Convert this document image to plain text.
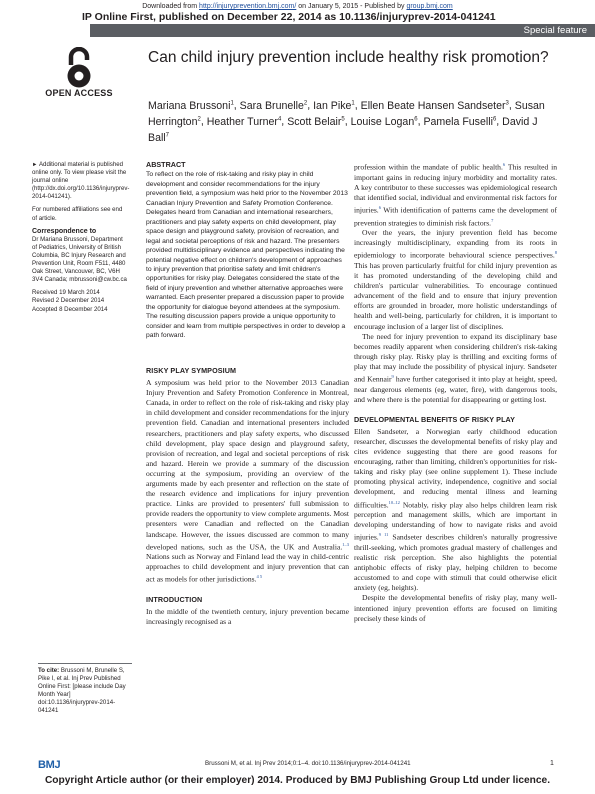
Downloaded from http://injuryprevention.bmj.com/ on January 5, 2015 - Published by group.bmj.com
IP Online First, published on December 22, 2014 as 10.1136/injuryprev-2014-041241
Special feature
OPEN ACCESS
Can child injury prevention include healthy risk promotion?
Mariana Brussoni$^1$, Sara Brunelle$^2$, Ian Pike$^1$, Ellen Beate Hansen Sandseter$^3$, Susan Herrington$^2$, Heather Turner$^4$, Scott Belair$^5$, Louise Logan$^6$, Pamela Fuselli$^6$, David J Ball$^7$

► Additional material is published online only. To view please visit the journal online (http://dx.doi.org/10.1136/injuryprev-2014-041241).

For numbered affiliations see end of article.

Correspondence to

Dr Mariana Brussoni, Department of Pediatrics, University of British Columbia, BC Injury Research and Prevention Unit, Room F511, 4480 Oak Street, Vancouver, BC, V6H 3V4 Canada; mbrussoni@cw.bc.ca

Received 19 March 2014

Revised 2 December 2014

Accepted 8 December 2014

To cite: Brussoni M, Brunelle S, Pike I, et al. Inj Prev Published Online First: [please include Day Month Year] doi:10.1136/injuryprev-2014-041241
ABSTRACT

To reflect on the role of risk-taking and risky play in child development and consider recommendations for the injury prevention field, a symposium was held prior to the November 2013 Canadian Injury Prevention and Safety Promotion Conference. Delegates heard from Canadian and international researchers, practitioners and play safety experts on child development, play space design and playground safety, provision of recreation, and legal and societal perceptions of risk and hazard. The presenters provided multidisciplinary evidence and perspectives indicating the potential negative effect on children's development of approaches to injury prevention that prioritise safety and limit children's opportunities for risky play. Delegates considered the state of the field of injury prevention and whether alternative approaches were warranted. Each presenter prepared a discussion paper to provide the opportunity for dialogue beyond attendees at the symposium. The resulting discussion papers provide a unique opportunity to consider and learn from multiple perspectives in order to develop a path forward.

RISKY PLAY SYMPOSIUM

A symposium was held prior to the November 2013 Canadian Injury Prevention and Safety Promotion Conference in Montreal, Canada, in order to reflect on the role of risk-taking and risky play in child development and consider recommendations for the injury prevention field. Canadian and international presenters included researchers, practitioners and play safety experts, who discussed child development, play space design and playground safety, provision of recreation, and legal and societal perceptions of risk and hazard. Herein we provide a summary of the discussion occurring at the symposium, providing an overview of the arguments made by each presenter and reflection on the state of the research evidence and implications for injury prevention practice. Links are provided to presenters' full submission to provide readers the opportunity to view complete arguments. Most presenters were Canadian and reflected on the Canadian landscape. However, the issues discussed are common to many developed nations, such as the USA, the UK and Australia.$^{1-3}$ Nations such as Norway and Finland lead the way in child-centric approaches to child development and injury prevention that can act as models for other jurisdictions.$^{4 5}$

INTRODUCTION

In the middle of the twentieth century, injury prevention became increasingly recognised as a

profession within the mandate of public health.$^6$ This resulted in important gains in reducing injury morbidity and mortality rates. A key contributor to these successes was epidemiological research that identified social, individual and environmental risk factors for injuries.$^6$ With identification of patterns came the development of prevention strategies to diminish risk factors.$^7$

Over the years, the injury prevention field has become increasingly multidisciplinary, expanding from its roots in epidemiology to incorporate behavioural science perspectives.$^8$ This has proven particularly fruitful for child injury prevention as it has promoted understanding of the developing child and children's particular vulnerabilities. To encourage continued advancement of the field and to ensure that injury prevention efforts are grounded in broader, more holistic understandings of health and well-being, particularly for children, it is important to encourage inclusion of a larger list of disciplines.

The need for injury prevention to expand its disciplinary base becomes readily apparent when considering children's risk-taking through risky play. Risky play is thrilling and exciting forms of play that may include the possibility of physical injury. Sandseter and Kennair$^9$ have further categorised it into play at height, speed, near dangerous elements (eg, water, fire), with dangerous tools, and where there is the potential for disappearing or getting lost.

DEVELOPMENTAL BENEFITS OF RISKY PLAY

Ellen Sandseter, a Norwegian early childhood education researcher, discusses the developmental benefits of risky play and cites evidence suggesting that there are good reasons for encouraging, rather than limiting, children's opportunities for risk-taking and risky play (see online supplement 1). These include promoting physical activity, independence, cognitive and social development, and reducing mental illness and learning difficulties.$^{10-12}$ Notably, risky play also helps children learn risk perception and management skills, which are important in developing understanding of how to navigate risks and avoid injuries.$^{9 11}$ Sandseter describes children's naturally progressive thrill-seeking, which promotes gradual mastery of challenges and realistic risk perception. She also highlights the potential antiphobic effects of risky play, helping children to become accustomed to and cope with stimuli that could otherwise elicit anxiety (eg, heights).

Despite the developmental benefits of risky play, many well-intentioned injury prevention efforts are focused on limiting precisely these kinds of

BMJ	Brussoni M, et al. Inj Prev 2014;0:1–4. doi:10.1136/injuryprev-2014-041241	1
Copyright Article author (or their employer) 2014. Produced by BMJ Publishing Group Ltd under licence.
